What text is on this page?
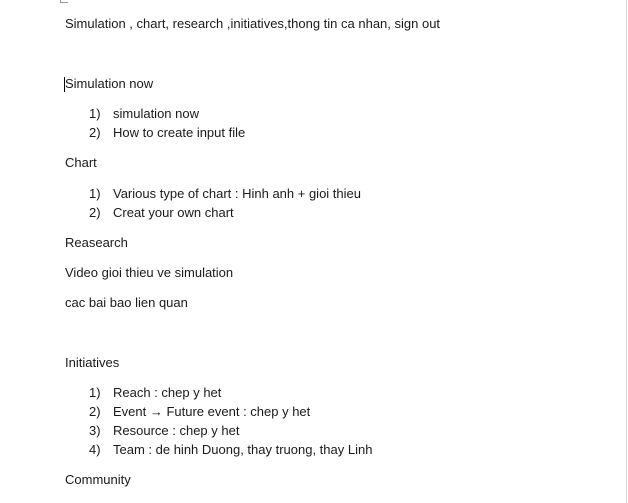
Simulation , chart, research ,initiatives,thong tin ca nhan, sign out
Simulation now
1) simulation now
2) How to create input file
Chart
1) Various type of chart : Hinh anh + gioi thieu
2) Creat your own chart
Reasearch
Video gioi thieu ve simulation
cac bai bao lien quan
Initiatives
1) Reach : chep y het
2) Event → Future event : chep y het
3) Resource : chep y het
4) Team : de hinh Duong, thay truong, thay Linh
Community
